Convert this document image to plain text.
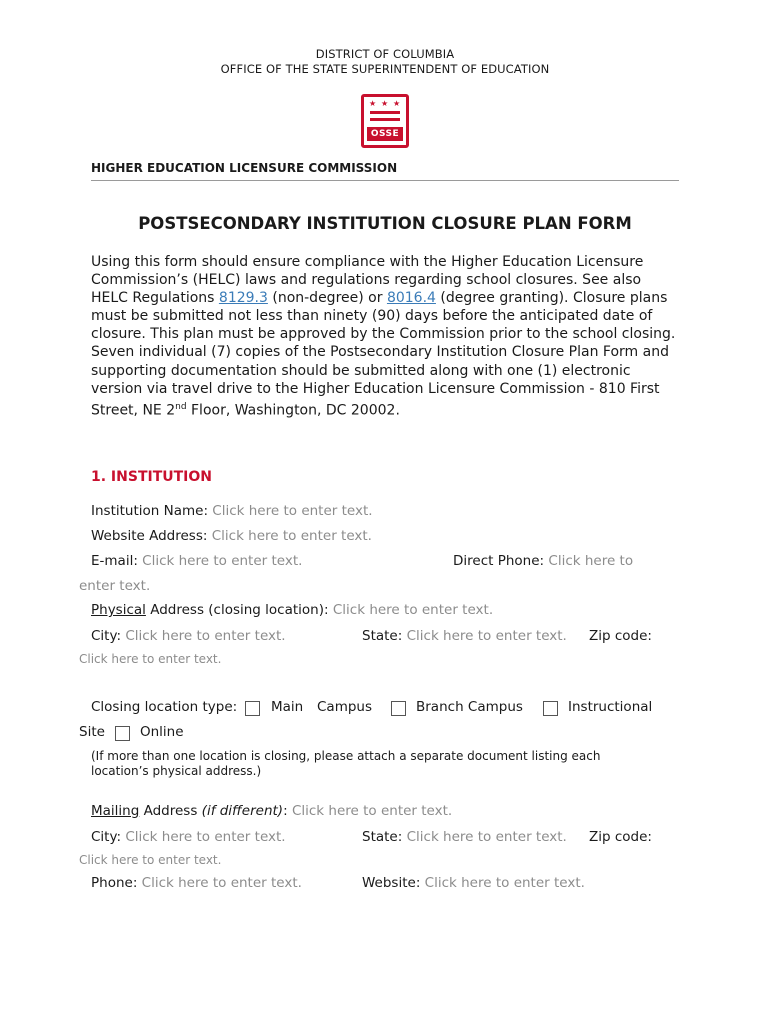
DISTRICT OF COLUMBIA
OFFICE OF THE STATE SUPERINTENDENT OF EDUCATION
★ ★ ★
OSSE
HIGHER EDUCATION LICENSURE COMMISSION
POSTSECONDARY INSTITUTION CLOSURE PLAN FORM
Using this form should ensure compliance with the Higher Education Licensure Commission’s (HELC) laws and regulations regarding school closures. See also HELC Regulations 8129.3 (non-degree) or 8016.4 (degree granting). Closure plans must be submitted not less than ninety (90) days before the anticipated date of closure. This plan must be approved by the Commission prior to the school closing. Seven individual (7) copies of the Postsecondary Institution Closure Plan Form and supporting documentation should be submitted along with one (1) electronic version via travel drive to the Higher Education Licensure Commission - 810 First Street, NE 2nd Floor, Washington, DC 20002.
1. INSTITUTION
Institution Name: Click here to enter text.
Website Address: Click here to enter text.
E-mail: Click here to enter text.	Direct Phone: Click here to
enter text.
Physical Address (closing location): Click here to enter text.
City: Click here to enter text.	State: Click here to enter text. Zip code:
Click here to enter text.
Closing location type:	Main Campus	Branch Campus	Instructional
Site	Online
(If more than one location is closing, please attach a separate document listing each location’s physical address.)
Mailing Address (if different): Click here to enter text.
City: Click here to enter text.	State: Click here to enter text. Zip code:
Click here to enter text.
Phone: Click here to enter text.	Website: Click here to enter text.
